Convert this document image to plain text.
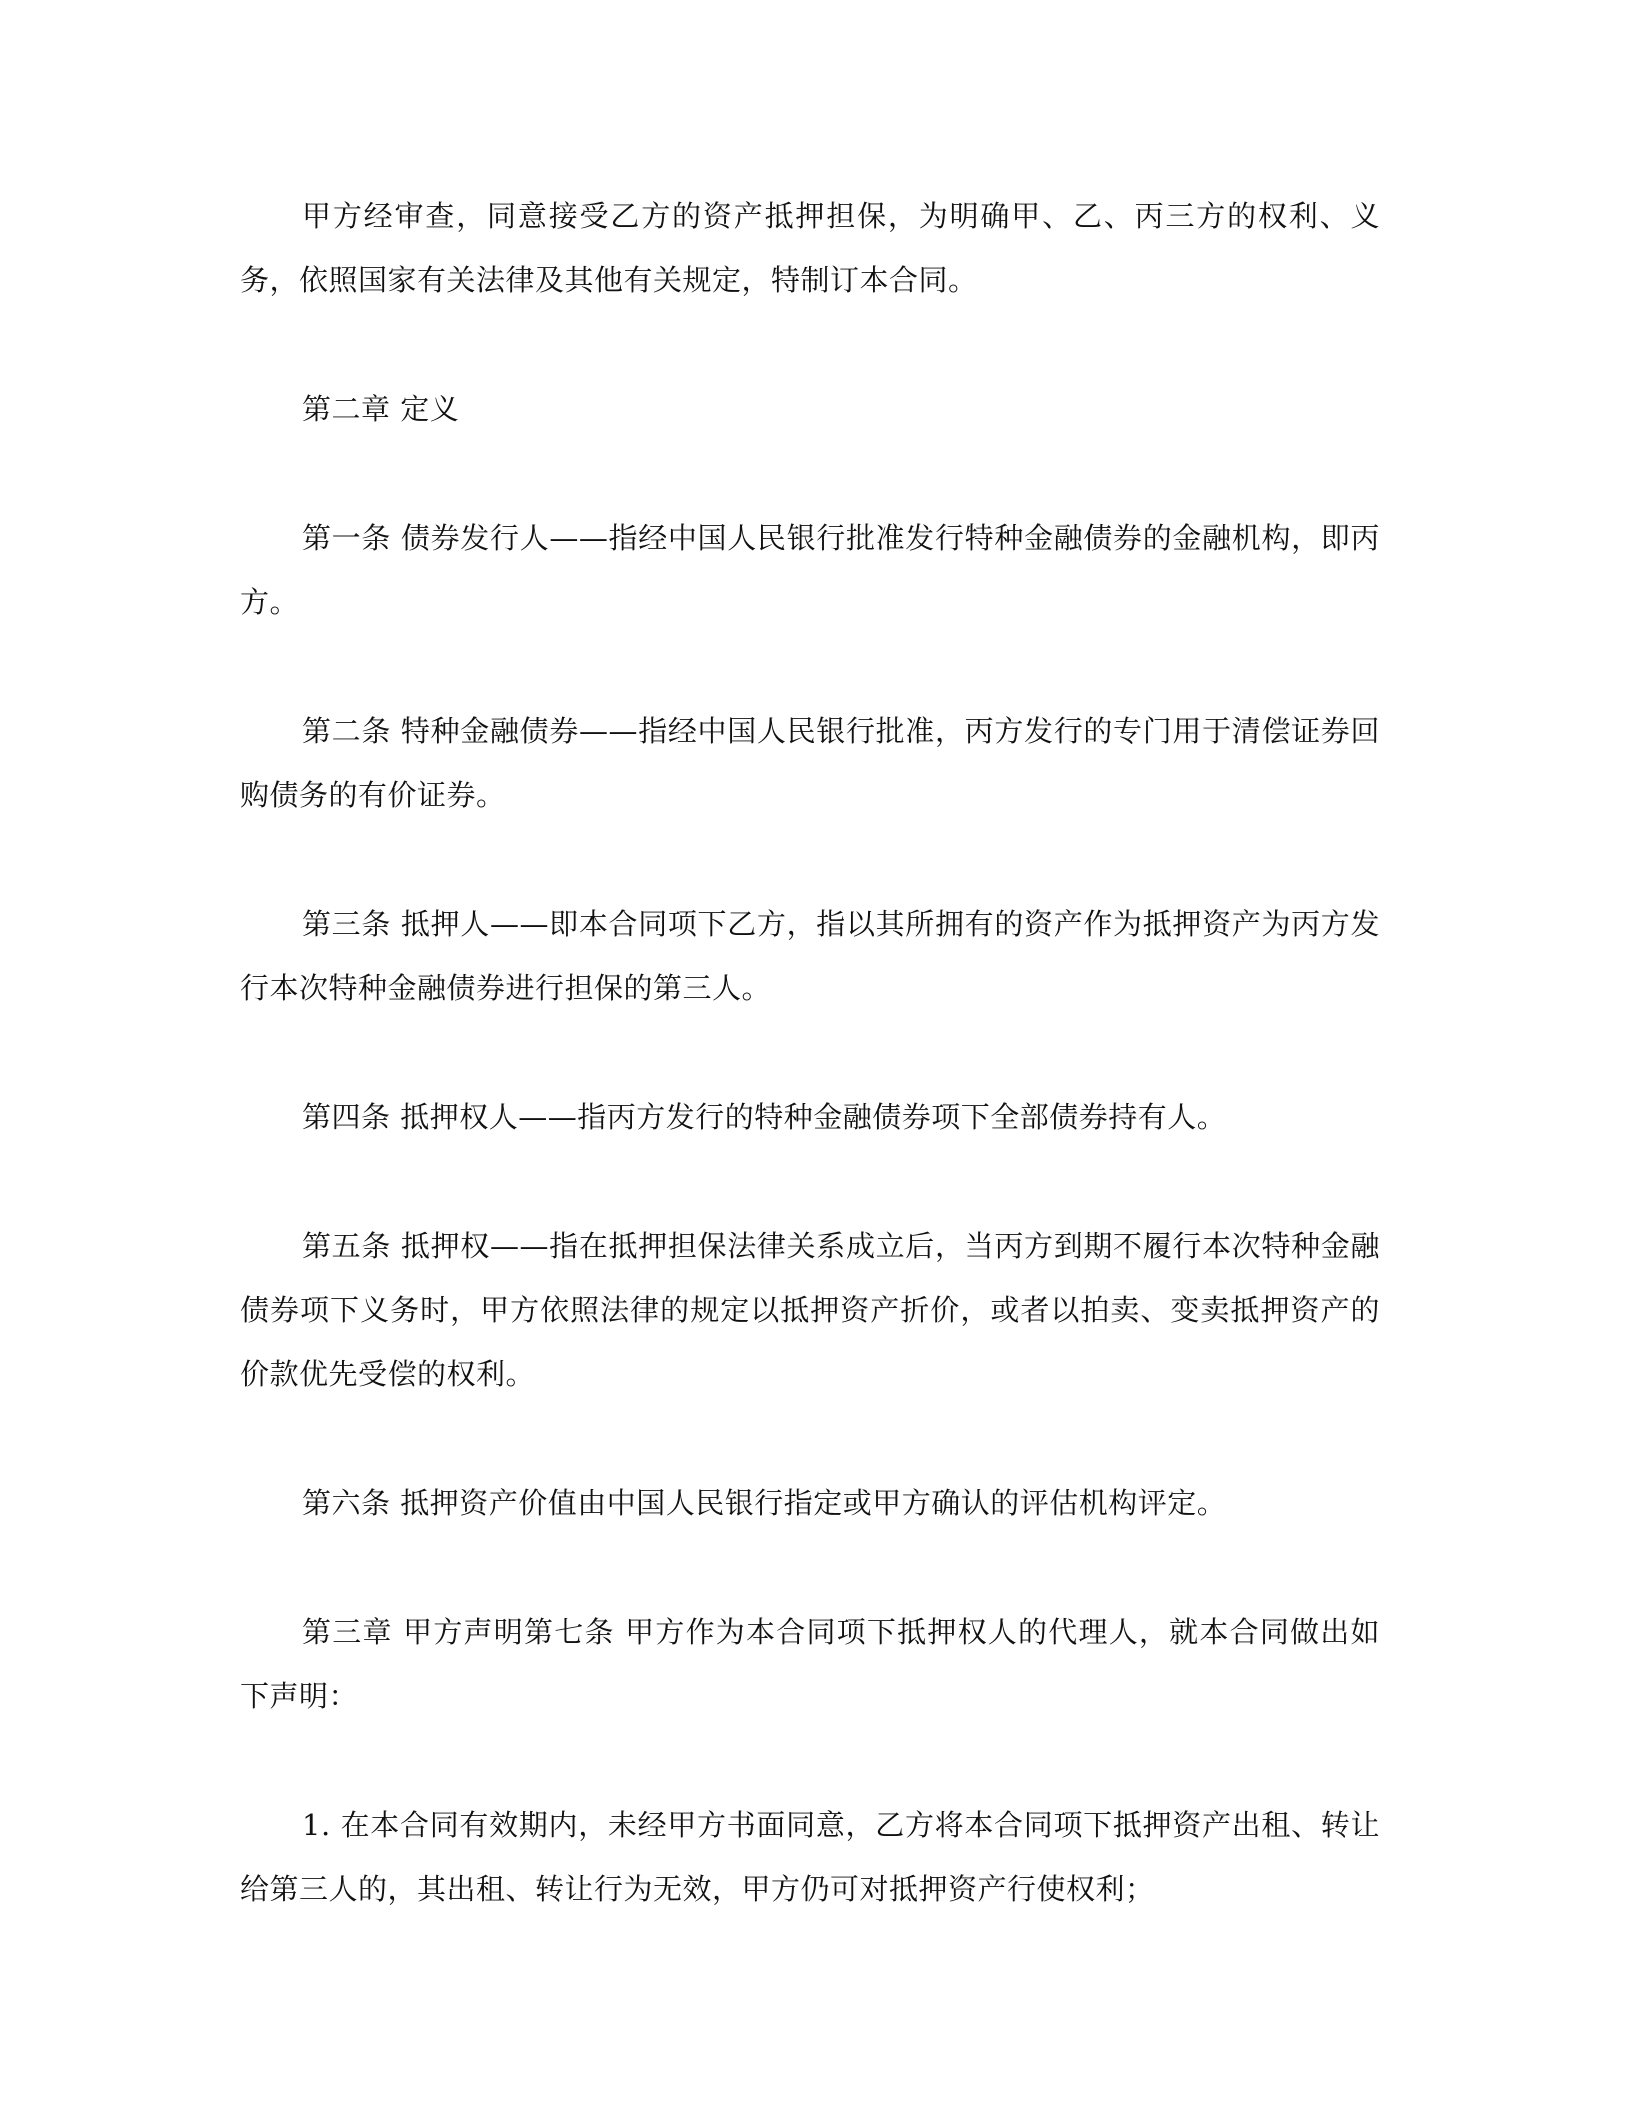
甲方经审查，同意接受乙方的资产抵押担保，为明确甲、乙、丙三方的权利、义务，依照国家有关法律及其他有关规定，特制订本合同。

第二章 定义

第一条 债券发行人——指经中国人民银行批准发行特种金融债券的金融机构，即丙方。

第二条 特种金融债券——指经中国人民银行批准，丙方发行的专门用于清偿证券回购债务的有价证券。

第三条 抵押人——即本合同项下乙方，指以其所拥有的资产作为抵押资产为丙方发行本次特种金融债券进行担保的第三人。

第四条 抵押权人——指丙方发行的特种金融债券项下全部债券持有人。

第五条 抵押权——指在抵押担保法律关系成立后，当丙方到期不履行本次特种金融债券项下义务时，甲方依照法律的规定以抵押资产折价，或者以拍卖、变卖抵押资产的价款优先受偿的权利。

第六条 抵押资产价值由中国人民银行指定或甲方确认的评估机构评定。

第三章 甲方声明第七条 甲方作为本合同项下抵押权人的代理人，就本合同做出如下声明：

1. 在本合同有效期内，未经甲方书面同意，乙方将本合同项下抵押资产出租、转让给第三人的，其出租、转让行为无效，甲方仍可对抵押资产行使权利；
